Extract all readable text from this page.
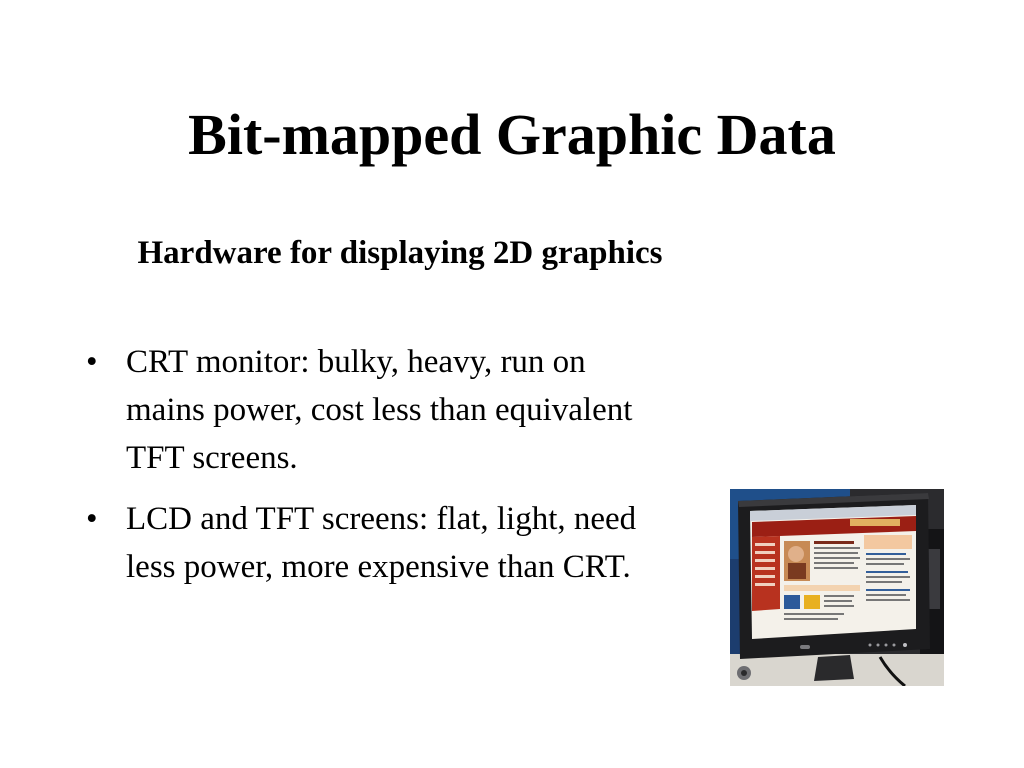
Bit-mapped Graphic Data
Hardware for displaying 2D graphics
• CRT monitor: bulky, heavy, run on mains power, cost less than equivalent TFT screens.
• LCD and TFT screens: flat, light, need less power, more expensive than CRT.
